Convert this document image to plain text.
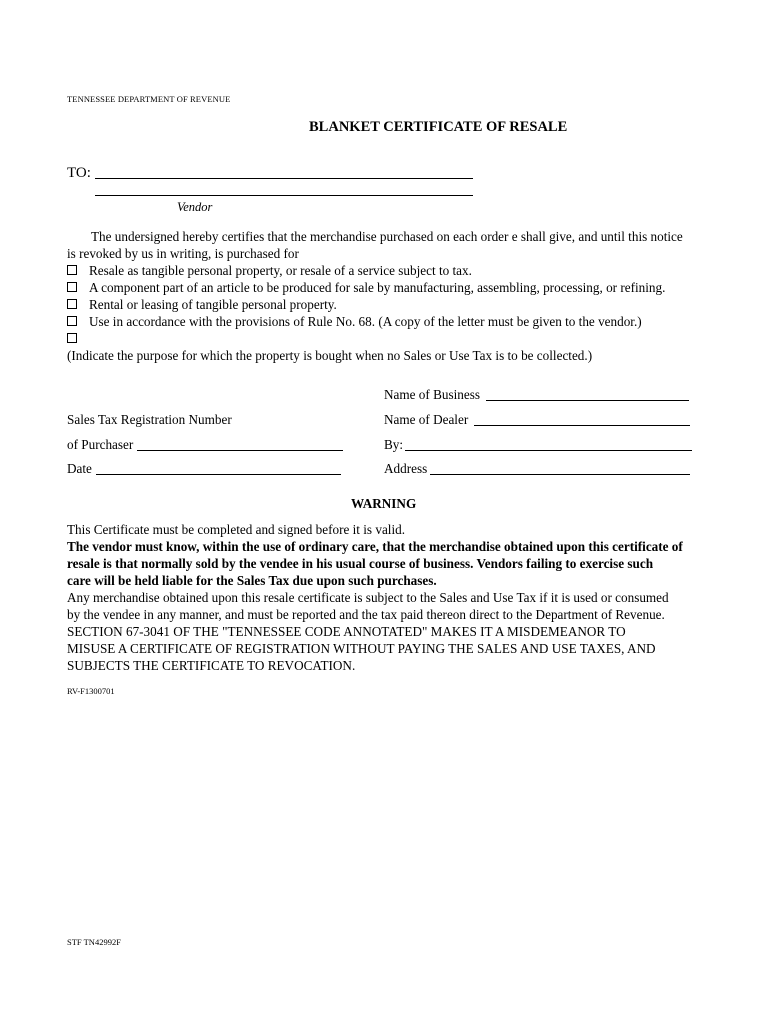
TENNESSEE DEPARTMENT OF REVENUE
BLANKET CERTIFICATE OF RESALE
TO:
Vendor
The undersigned hereby certifies that the merchandise purchased on each order e shall give, and until this notice
is revoked by us in writing, is purchased for
Resale as tangible personal property, or resale of a service subject to tax.
A component part of an article to be produced for sale by manufacturing, assembling, processing, or refining.
Rental or leasing of tangible personal property.
Use in accordance with the provisions of Rule No. 68. (A copy of the letter must be given to the vendor.)
(Indicate the purpose for which the property is bought when no Sales or Use Tax is to be collected.)
Name of Business
Sales Tax Registration Number	Name of Dealer
of Purchaser	By:
Date	Address
WARNING
This Certificate must be completed and signed before it is valid.
The vendor must know, within the use of ordinary care, that the merchandise obtained upon this certificate of
resale is that normally sold by the vendee in his usual course of business. Vendors failing to exercise such
care will be held liable for the Sales Tax due upon such purchases.
Any merchandise obtained upon this resale certificate is subject to the Sales and Use Tax if it is used or consumed
by the vendee in any manner, and must be reported and the tax paid thereon direct to the Department of Revenue.
SECTION 67-3041 OF THE "TENNESSEE CODE ANNOTATED" MAKES IT A MISDEMEANOR TO
MISUSE A CERTIFICATE OF REGISTRATION WITHOUT PAYING THE SALES AND USE TAXES, AND
SUBJECTS THE CERTIFICATE TO REVOCATION.
RV-F1300701
STF TN42992F
